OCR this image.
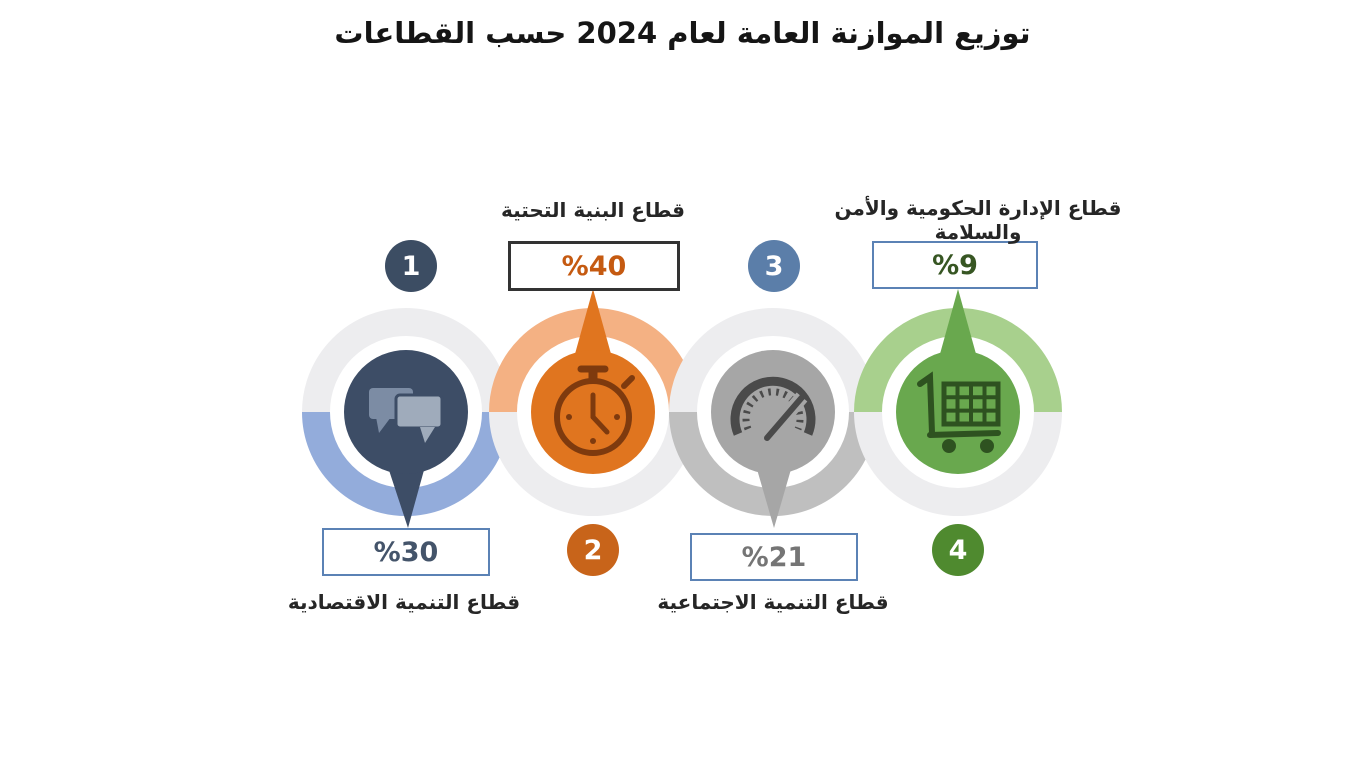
توزيع الموازنة العامة لعام 2024 حسب القطاعات
1
2
3
4
%30
%40
%21
%9
قطاع التنمية الاقتصادية
قطاع البنية التحتية
قطاع التنمية الاجتماعية
قطاع الإدارة الحكومية والأمن والسلامة
